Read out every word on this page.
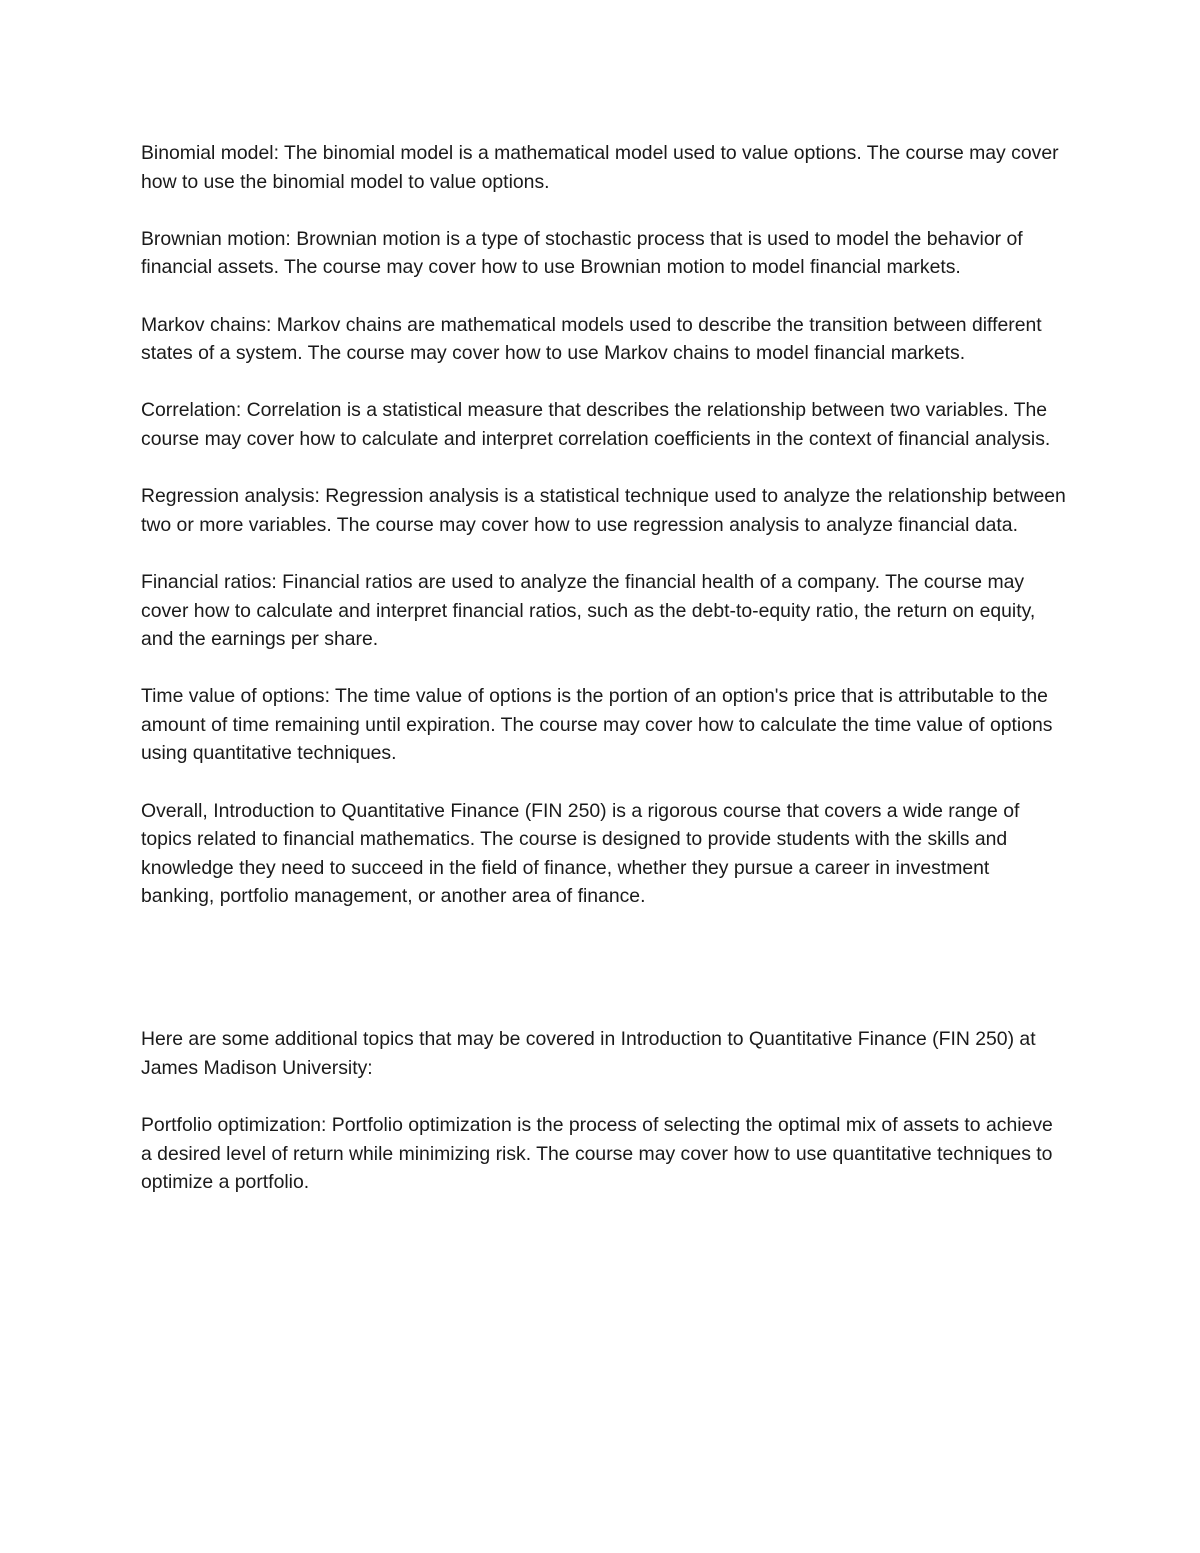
Binomial model: The binomial model is a mathematical model used to value options. The course may cover how to use the binomial model to value options.

Brownian motion: Brownian motion is a type of stochastic process that is used to model the behavior of financial assets. The course may cover how to use Brownian motion to model financial markets.

Markov chains: Markov chains are mathematical models used to describe the transition between different states of a system. The course may cover how to use Markov chains to model financial markets.

Correlation: Correlation is a statistical measure that describes the relationship between two variables. The course may cover how to calculate and interpret correlation coefficients in the context of financial analysis.

Regression analysis: Regression analysis is a statistical technique used to analyze the relationship between two or more variables. The course may cover how to use regression analysis to analyze financial data.

Financial ratios: Financial ratios are used to analyze the financial health of a company. The course may cover how to calculate and interpret financial ratios, such as the debt-to-equity ratio, the return on equity, and the earnings per share.

Time value of options: The time value of options is the portion of an option's price that is attributable to the amount of time remaining until expiration. The course may cover how to calculate the time value of options using quantitative techniques.

Overall, Introduction to Quantitative Finance (FIN 250) is a rigorous course that covers a wide range of topics related to financial mathematics. The course is designed to provide students with the skills and knowledge they need to succeed in the field of finance, whether they pursue a career in investment banking, portfolio management, or another area of finance.

Here are some additional topics that may be covered in Introduction to Quantitative Finance (FIN 250) at James Madison University:

Portfolio optimization: Portfolio optimization is the process of selecting the optimal mix of assets to achieve a desired level of return while minimizing risk. The course may cover how to use quantitative techniques to optimize a portfolio.
